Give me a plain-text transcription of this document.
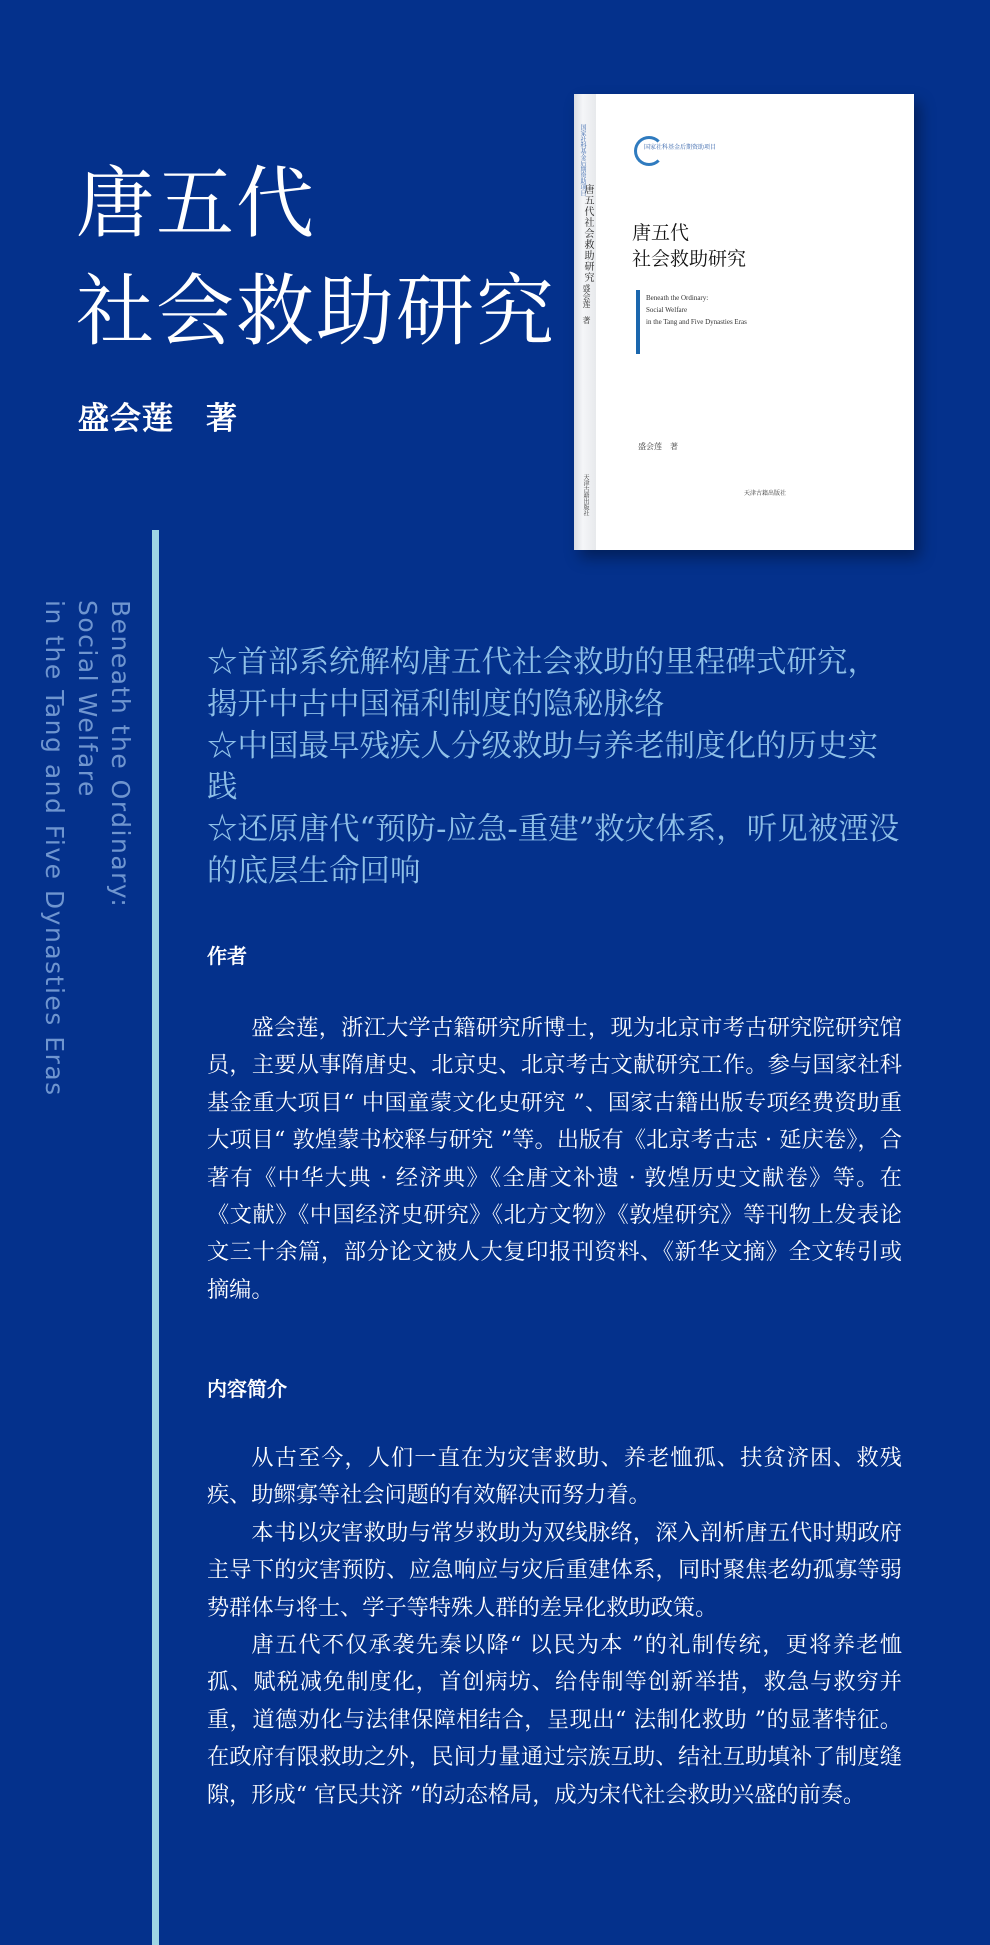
唐五代
社会救助研究
盛会莲　著
国家社科基金后期资助项目
唐五代社会救助研究
盛会莲　著
天津古籍出版社
国家社科基金后期资助项目
唐五代
社会救助研究
Beneath the Ordinary:
Social Welfare
in the Tang and Five Dynasties Eras
盛会莲　著
天津古籍出版社
Beneath the Ordinary:
Social Welfare
in the Tang and Five Dynasties Eras	☆首部系统解构唐五代社会救助的里程碑式研究，揭开中古中国福利制度的隐秘脉络
☆中国最早残疾人分级救助与养老制度化的历史实践
☆还原唐代“预防-应急-重建”救灾体系，听见被湮没的底层生命回响
作者

盛会莲，浙江大学古籍研究所博士，现为北京市考古研究院研究馆员，主要从事隋唐史、北京史、北京考古文献研究工作。参与国家社科基金重大项目“ 中国童蒙文化史研究 ”、国家古籍出版专项经费资助重大项目“ 敦煌蒙书校释与研究 ”等。出版有《北京考古志 · 延庆卷》，合著有《中华大典 · 经济典》《全唐文补遗 · 敦煌历史文献卷》等。在《文献》《中国经济史研究》《北方文物》《敦煌研究》等刊物上发表论文三十余篇，部分论文被人大复印报刊资料、《新华文摘》全文转引或摘编。

内容简介

从古至今，人们一直在为灾害救助、养老恤孤、扶贫济困、救残疾、助鳏寡等社会问题的有效解决而努力着。

本书以灾害救助与常岁救助为双线脉络，深入剖析唐五代时期政府主导下的灾害预防、应急响应与灾后重建体系，同时聚焦老幼孤寡等弱势群体与将士、学子等特殊人群的差异化救助政策。

唐五代不仅承袭先秦以降“ 以民为本 ”的礼制传统，更将养老恤孤、赋税减免制度化，首创病坊、给侍制等创新举措，救急与救穷并重，道德劝化与法律保障相结合，呈现出“ 法制化救助 ”的显著特征。在政府有限救助之外，民间力量通过宗族互助、结社互助填补了制度缝隙，形成“ 官民共济 ”的动态格局，成为宋代社会救助兴盛的前奏。
